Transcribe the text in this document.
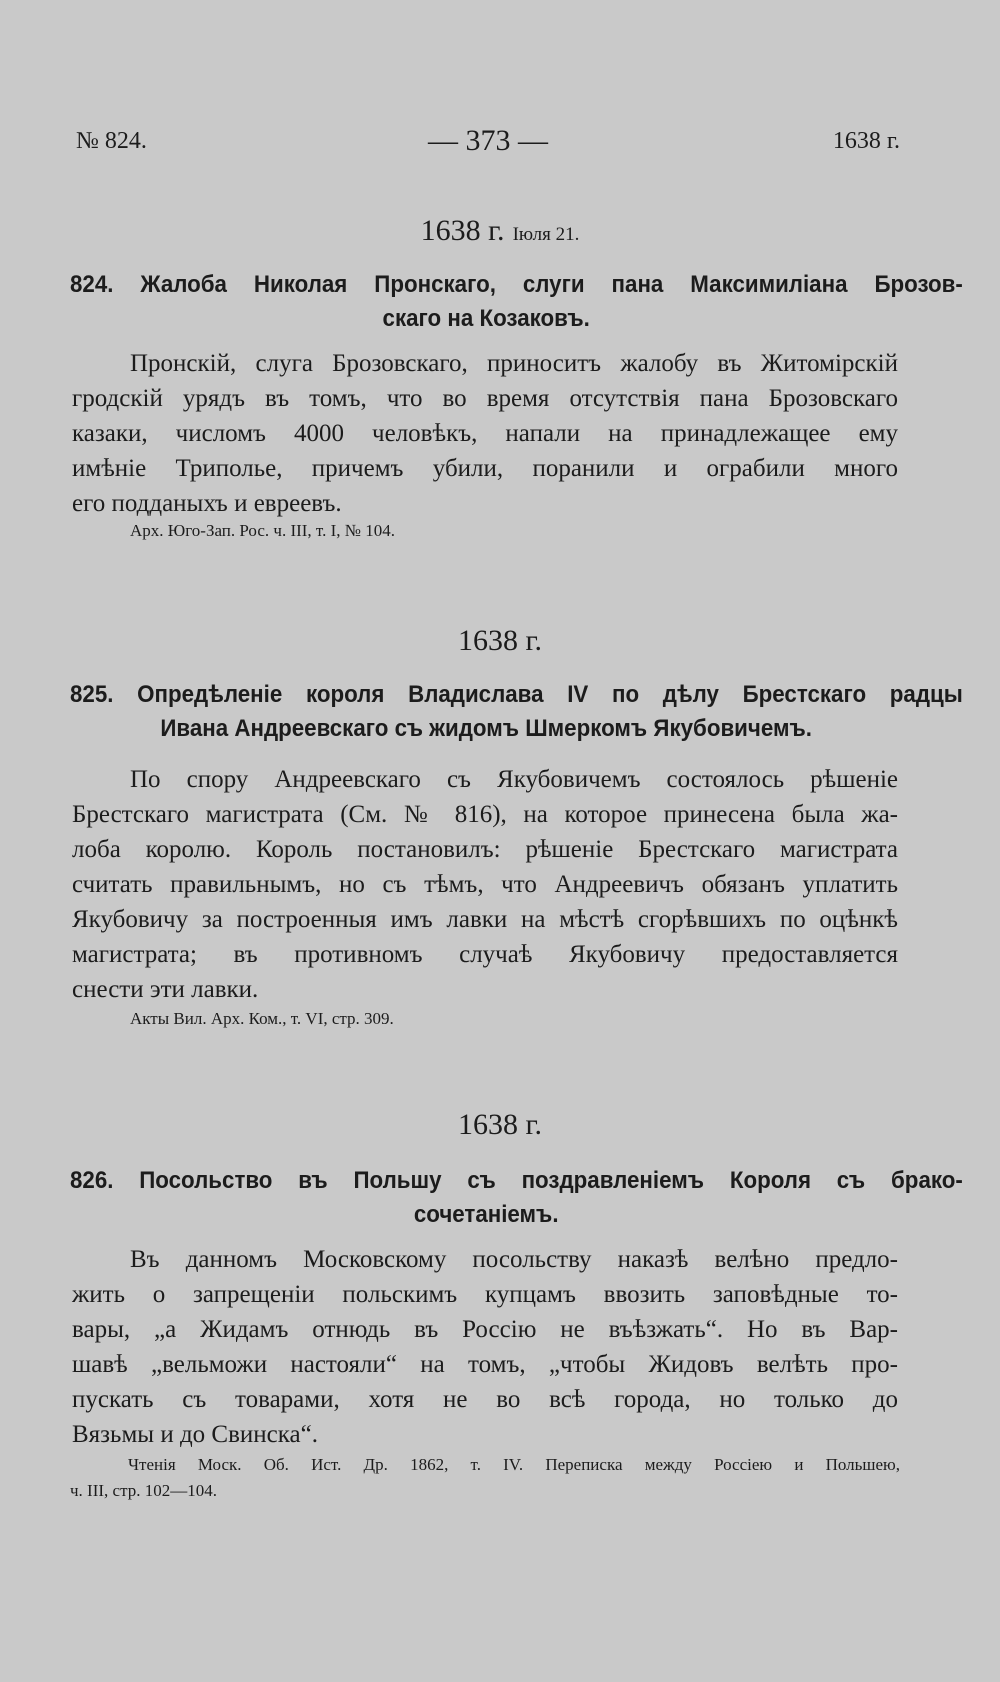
№ 824.	— 373 —	1638 г.
1638 г. Іюля 21.
824. Жалоба Николая Пронскаго, слуги пана Максимиліана Брозов-
скаго на Козаковъ.
Пронскій, слуга Брозовскаго, приноситъ жалобу въ Житомірскій
гродскій урядъ въ томъ, что во время отсутствія пана Брозовскаго
казаки, числомъ 4000 человѣкъ, напали на принадлежащее ему
имѣніе Триполье, причемъ убили, поранили и ограбили много
его подданыхъ и евреевъ.
Арх. Юго-Зап. Рос. ч. III, т. I, № 104.
1638 г.
825. Опредѣленіе короля Владислава IV по дѣлу Брестскаго радцы
Ивана Андреевскаго съ жидомъ Шмеркомъ Якубовичемъ.
По спору Андреевскаго съ Якубовичемъ состоялось рѣшеніе
Брестскаго магистрата (См. № 816), на которое принесена была жа-
лоба королю. Король постановилъ: рѣшеніе Брестскаго магистрата
считать правильнымъ, но съ тѣмъ, что Андреевичъ обязанъ уплатить
Якубовичу за построенныя имъ лавки на мѣстѣ сгорѣвшихъ по оцѣнкѣ
магистрата; въ противномъ случаѣ Якубовичу предоставляется
снести эти лавки.
Акты Вил. Арх. Ком., т. VI, стр. 309.
1638 г.
826. Посольство въ Польшу съ поздравленіемъ Короля съ брако-
сочетаніемъ.
Въ данномъ Московскому посольству наказѣ велѣно предло-
жить о запрещеніи польскимъ купцамъ ввозить заповѣдные то-
вары, „а Жидамъ отнюдь въ Россію не въѣзжать“. Но въ Вар-
шавѣ „вельможи настояли“ на томъ, „чтобы Жидовъ велѣть про-
пускать съ товарами, хотя не во всѣ города, но только до
Вязьмы и до Свинска“.
Чтенія Моск. Об. Ист. Др. 1862, т. IV. Переписка между Россіею и Польшею,
ч. III, стр. 102—104.
